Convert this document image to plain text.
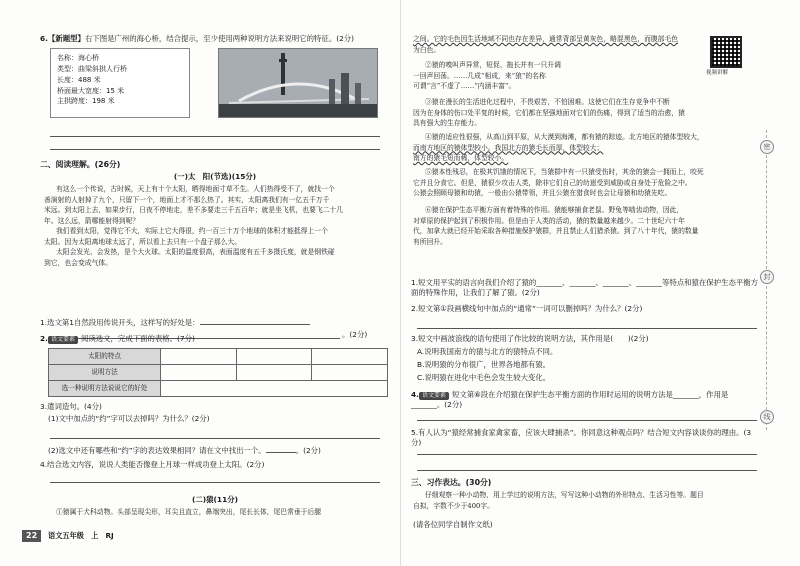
6.【新题型】右下图是广州的海心桥，结合提示，至少使用两种说明方法来说明它的特征。(2分)
名称：海心桥
类型：曲梁斜拱人行桥
长度：488 米
桥面最大宽度：15 米
主拱跨度：198 米
二、阅读理解。(26分)
(一)太　阳(节选)(15分)
有这么一个传说，古时候，天上有十个太阳，晒得地面寸草不生。人们热得受不了，就找一个
善演射的人射掉了九个，只留下一个，地面上才不那么热了。其实，太阳离我们有一亿五千万千
米远。到太阳上去，如果步行，日夜不停地走，差不多要走三千五百年；就是坐飞机，也要飞二十几
年。这么远，箭哪能射得到呢？
我们看到太阳，觉得它不大，实际上它大得很，约一百三十万个地球的体积才能抵得上一个
太阳。因为太阳离地球太远了，所以看上去只有一个盘子那么大。
太阳会发光、会发热，是个大火球。太阳的温度很高，表面温度有五千多摄氏度，就是钢铁碰
到它，也会变成气体。
1.选文第1自然段用传说开头，这样写的好处是：
。(2分)
2. 语文要素 阅读选文，完成下面的表格。(7分)
太阳的特点			
说明方法			
选一种说明方法说说它的好处			
3.遣词造句。(4分)
(1)文中加点的“约”字可以去掉吗？为什么？(2分)
(2)选文中还有哪些和“约”字的表达效果相同？请在文中找出一个。	。(2分)
4.结合选文内容，说说人类能否像登上月球一样成功登上太阳。(2分)
(二)猿(11分)
①猿属于犬科动物。头部呈现尖形，耳尖且直立，鼻端突出，尾长长体，尾巴常垂于后腿
22	语文五年级　上　RJ
之间。它的毛色因生活地域不同也存在差异，通常背部呈黄灰色，略混黑色，而腹部毛色
为白色。
②猿的嗅叫声异常，短促、拖长并有一只升调
一回声回荡。……几成“相成，来“狼”的名称
可谓“言”不虚了……“内涵丰富”。
③猿在漫长的生活进化过程中，不畏艰苦，不怕困难。这使它们在生存竞争中不断
因为在身体的伤口处平复的时候，它们都在坚强地面对它们的伤痛，得到了适当的治愈，猿
具有强大的生存能力。
④猿的适应性很强，从高山到平原，从大漠到海滩，都有猿的踪迹。北方地区的猿体型较大，
而南方地区的猿体型较小。我国北方的猿毛长而厚，体型较大；
南方的猿毛短而稀，体型较小。
⑤猿本性残忍，在极其饥饿的情况下，当猿群中有一只猿受伤时，其余的猿会一拥而上，咬死
它并且分食它。但是，猿很少攻击人类，除非它们自己的幼崽受到威胁或自身处于危险之中。
公猿会照顾母猿和幼猿，一般由公猿带领，并且公猿在猎食时也会让母猿和幼猿先吃。
⑥猿在保护生态平衡方面有着特殊的作用。猿能够捕食老鼠、野兔等啮齿动物，因此，
对草原的保护起到了积极作用。但是由于人类的活动，猿的数量越来越少。二十世纪六十年
代，加拿大就已经开始采取各种措施保护猿群，并且禁止人们猎杀猿。到了八十年代，猿的数量
有所回升。
1.短文用平实的语言向我们介绍了猿的_______、_______、_______、_______等特点和猿在保护生态平衡方面的特殊作用，让我们了解了猿。(2分)
2.短文第①段画横线句中加点的“通常”一词可以删掉吗？为什么？(2分)
3.短文中画波浪线的语句使用了作比较的说明方法，其作用是(　　)(2分)
A.说明我国南方的猿与北方的猿特点不同。
B.说明猿的分布很广，世界各地都有猿。
C.说明猿在进化中毛色会发生较大变化。
4. 语文要素 短文第⑥段在介绍猿在保护生态平衡方面的作用时运用的说明方法是_______，作用是_______。(2分)
5.有人认为“猿经常捕食家禽家畜，应该大肆捕杀”。你同意这种观点吗？结合短文内容谈谈你的理由。(3分)
三、习作表达。(30分)
仔细观察一种小动物，用上学过的说明方法，写写这种小动物的外形特点、生活习性等。题目
自拟，字数不少于400字。
(请各位同学自制作文纸)
视频讲解
密
封
线
